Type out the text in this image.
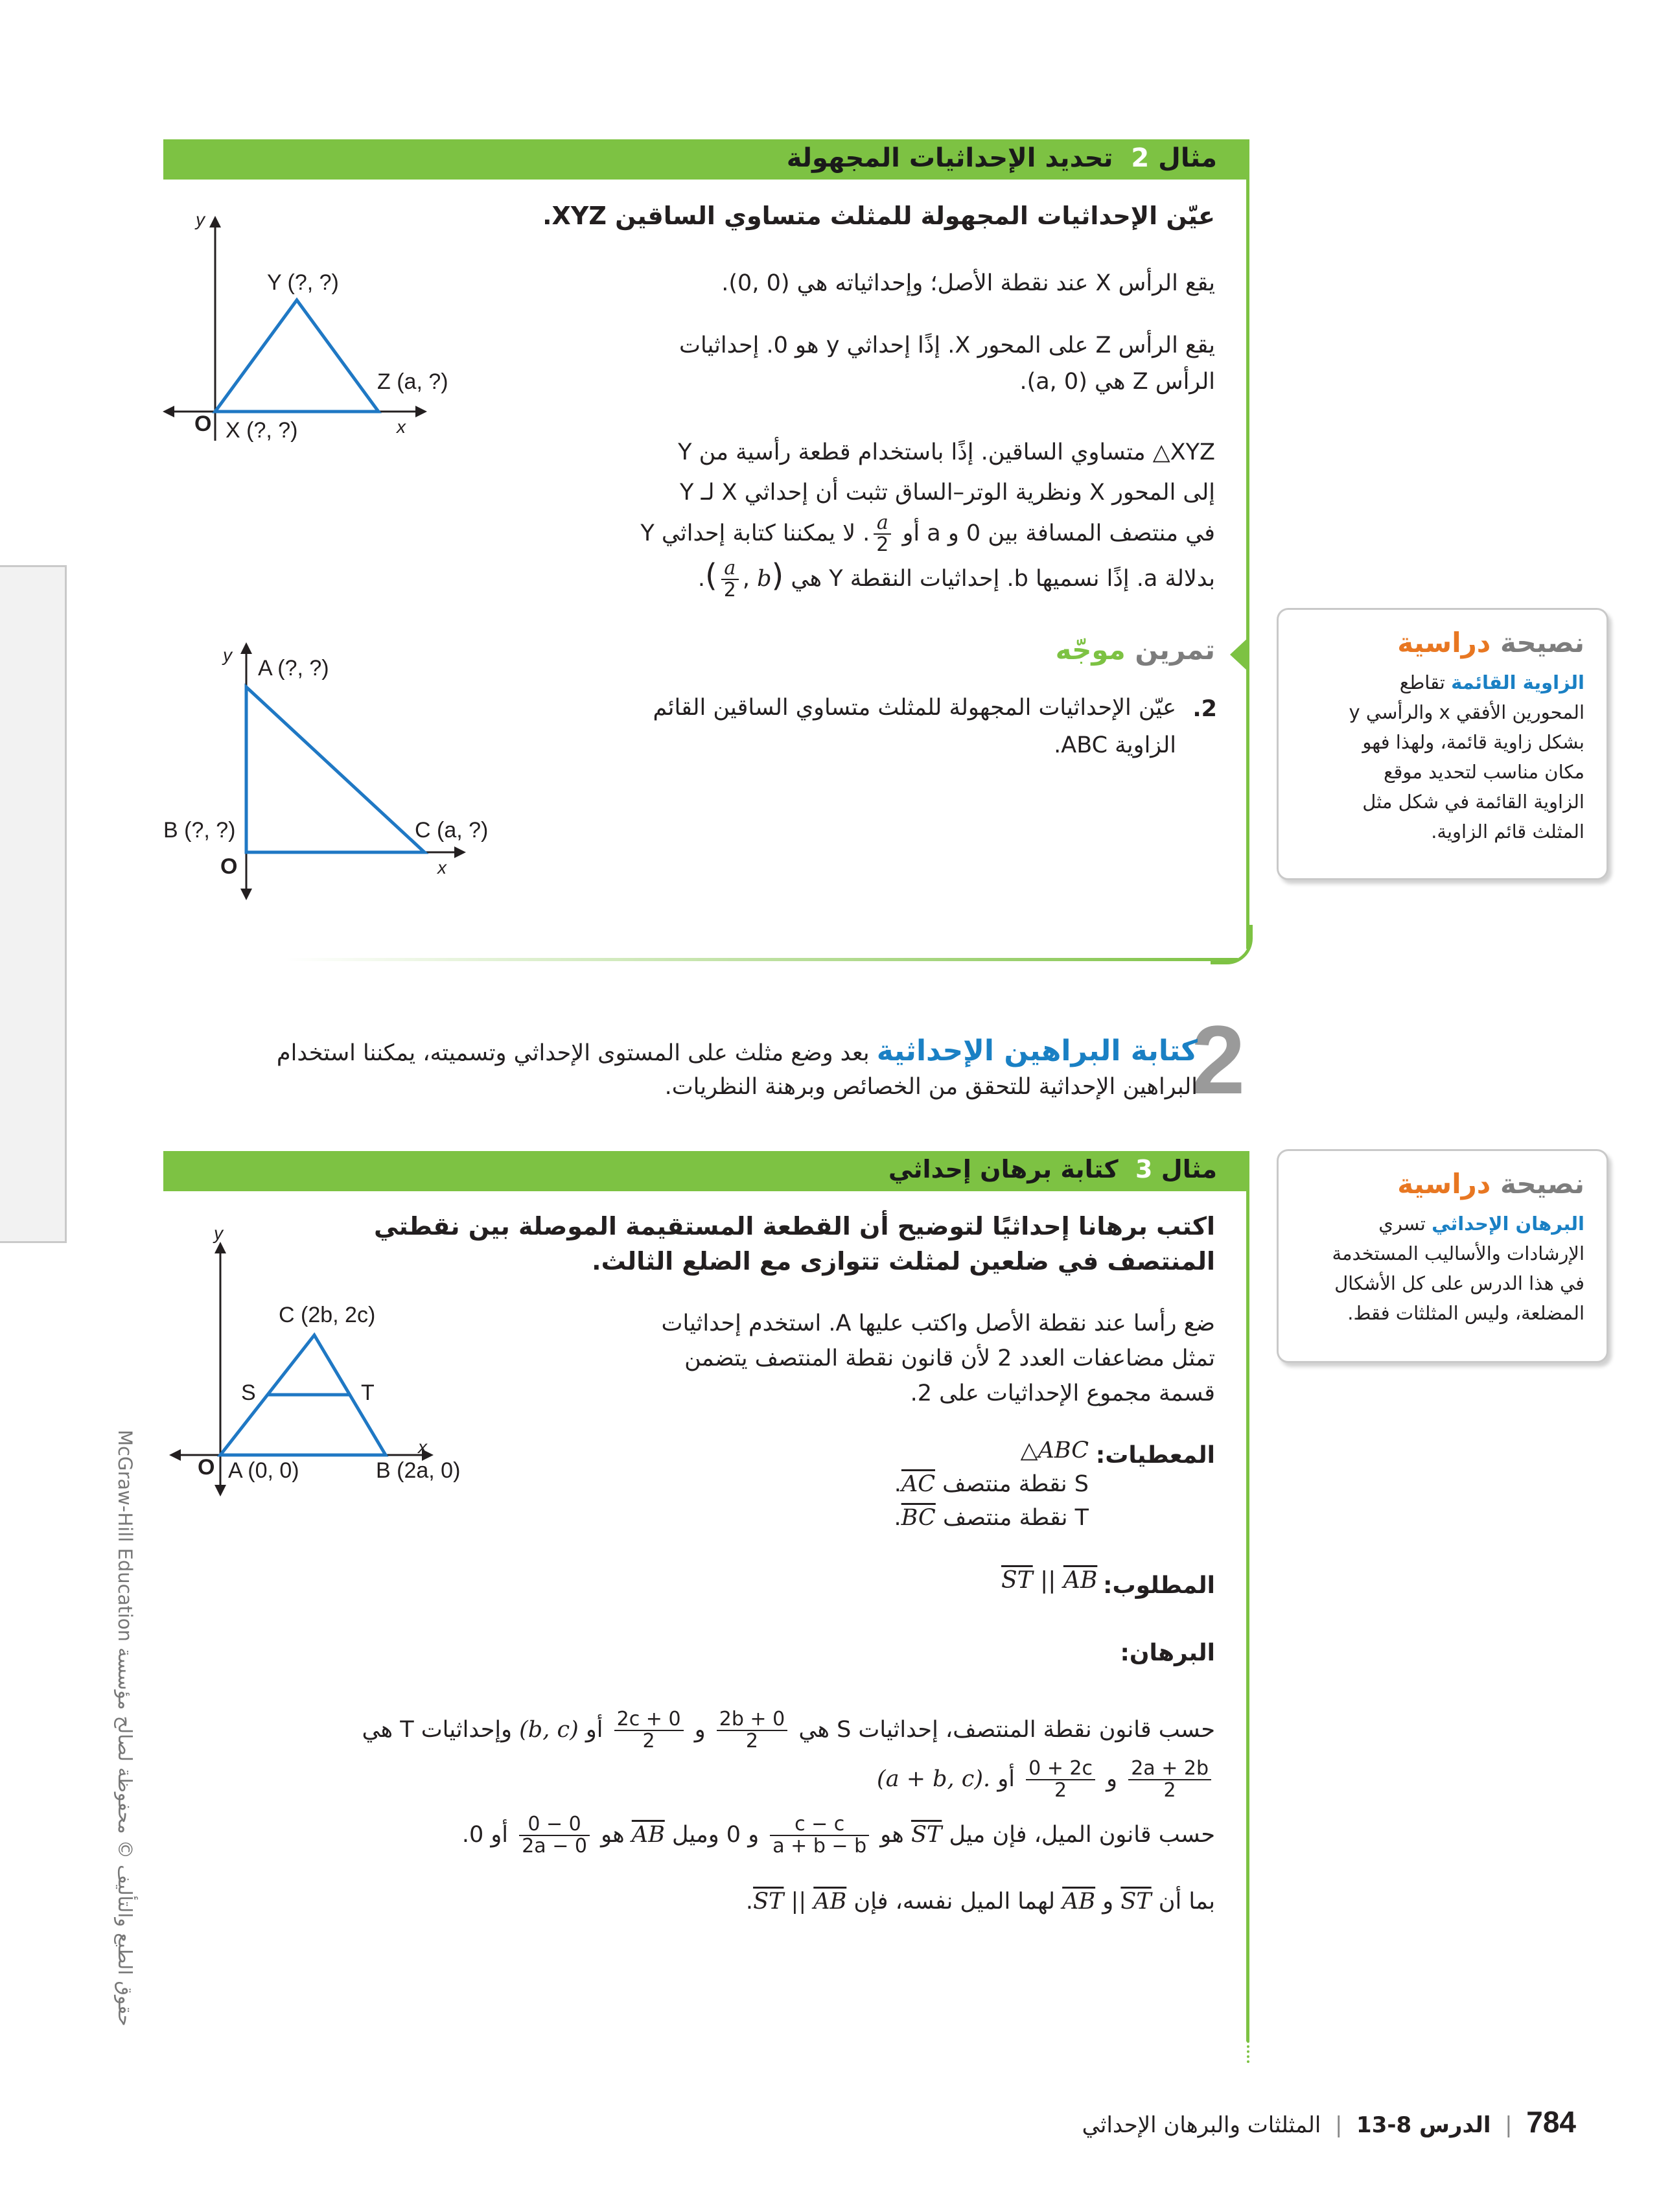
مثال 2  تحديد الإحداثيات المجهولة
عيّن الإحداثيات المجهولة للمثلث متساوي الساقين XYZ.
يقع الرأس X عند نقطة الأصل؛ وإحداثياته هي (0 ,0).
يقع الرأس Z على المحور X. إذًا إحداثي y هو 0. إحداثيات
الرأس Z هي (a, 0).
XYZ△ متساوي الساقين. إذًا باستخدام قطعة رأسية من Y
إلى المحور X ونظرية الوتر–الساق تثبت أن إحداثي X لـ Y
في منتصف المسافة بين 0 و a أو
$\frac{a}{2}$
. لا يمكننا كتابة إحداثي Y
بدلالة a. إذًا نسميها b. إحداثيات النقطة Y هي ( $\frac{a}{2}$ , b).
تمرين موجّه
2.
عيّن الإحداثيات المجهولة للمثلث متساوي الساقين القائم
الزاوية ABC.
y
x
O
Y (?, ?)
Z (a, ?)
X (?, ?)
y
x
O
A (?, ?)
B (?, ?)	C (a, ?)
نصيحة دراسية
الزاوية القائمة تقاطع
المحورين الأفقي x والرأسي y
بشكل زاوية قائمة، ولهذا فهو
مكان مناسب لتحديد موقع
الزاوية القائمة في شكل مثل
المثلث قائم الزاوية.
2
كتابة البراهين الإحداثية بعد وضع مثلث على المستوى الإحداثي وتسميته، يمكننا استخدام
البراهين الإحداثية للتحقق من الخصائص وبرهنة النظريات.
مثال 3  كتابة برهان إحداثي
اكتب برهانا إحداثيًا لتوضيح أن القطعة المستقيمة الموصلة بين نقطتي
المنتصف في ضلعين لمثلث تتوازى مع الضلع الثالث.
ضع رأسا عند نقطة الأصل واكتب عليها A. استخدم إحداثيات
تمثل مضاعفات العدد 2 لأن قانون نقطة المنتصف يتضمن
قسمة مجموع الإحداثيات على 2.
المعطيات:
△ABC
S نقطة منتصف $\overline{AC}$.
T نقطة منتصف $\overline{BC}$.
المطلوب:
$\overline{ST}$ || $\overline{AB}$
البرهان:
حسب قانون نقطة المنتصف، إحداثيات S هي
$\frac{2b + 0}{2}$
و
$\frac{2c + 0}{2}$
أو (b, c) وإحداثيات T هي
$\frac{2a + 2b}{2}$
و
$\frac{0 + 2c}{2}$
أو (a + b, c).
حسب قانون الميل، فإن ميل $\overline{ST}$ هو
$\frac{c - c}{a + b - b}$
و 0 وميل $\overline{AB}$ هو
$\frac{0 - 0}{2a - 0}$
أو 0.
بما أن $\overline{ST}$ و $\overline{AB}$ لهما الميل نفسه، فإن $\overline{ST}$ || $\overline{AB}$.
y
x
O
C (2b, 2c)
S	T
A (0, 0)	B (2a, 0)
نصيحة دراسية
البرهان الإحداثي تسري
الإرشادات والأساليب المستخدمة
في هذا الدرس على كل الأشكال
المضلعة، وليس المثلثات فقط.
حقوق الطبع والتأليف © محفوظة لصالح مؤسسة McGraw-Hill Education
784  |  الدرس 8-13  |  المثلثات والبرهان الإحداثي
